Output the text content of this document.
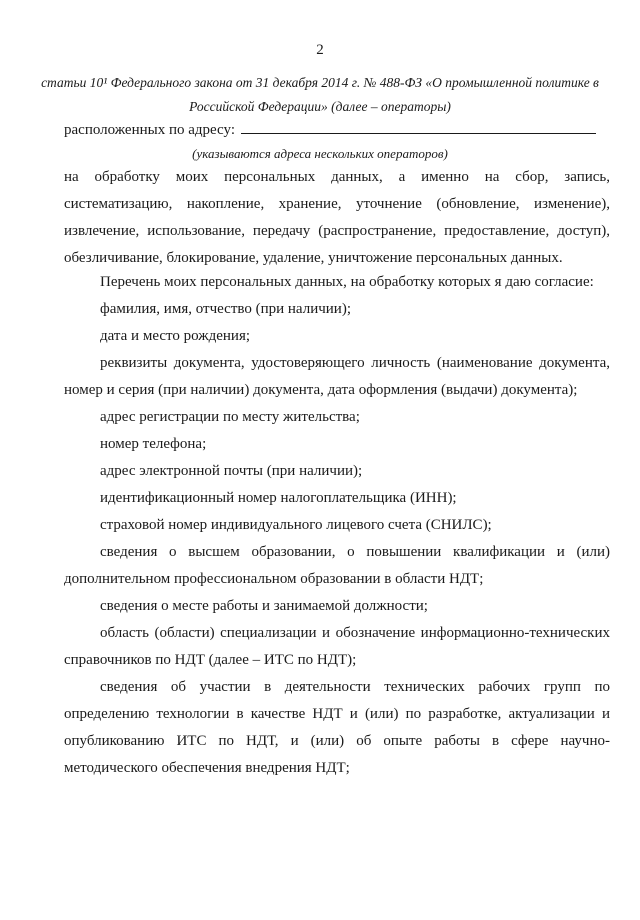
2
статьи 10¹ Федерального закона от 31 декабря 2014 г. № 488-ФЗ «О промышленной политике в
Российской Федерации» (далее – операторы)
расположенных по адресу:
(указываются адреса нескольких операторов)

на обработку моих персональных данных, а именно на сбор, запись, систематизацию, накопление, хранение, уточнение (обновление, изменение), извлечение, использование, передачу (распространение, предоставление, доступ), обезличивание, блокирование, удаление, уничтожение персональных данных.

Перечень моих персональных данных, на обработку которых я даю согласие:

фамилия, имя, отчество (при наличии);

дата и место рождения;

реквизиты документа, удостоверяющего личность (наименование документа, номер и серия (при наличии) документа, дата оформления (выдачи) документа);

адрес регистрации по месту жительства;

номер телефона;

адрес электронной почты (при наличии);

идентификационный номер налогоплательщика (ИНН);

страховой номер индивидуального лицевого счета (СНИЛС);

сведения о высшем образовании, о повышении квалификации и (или) дополнительном профессиональном образовании в области НДТ;

сведения о месте работы и занимаемой должности;

область (области) специализации и обозначение информационно-технических справочников по НДТ (далее – ИТС по НДТ);

сведения об участии в деятельности технических рабочих групп по определению технологии в качестве НДТ и (или) по разработке, актуализации и опубликованию ИТС по НДТ, и (или) об опыте работы в сфере научно-методического обеспечения внедрения НДТ;
